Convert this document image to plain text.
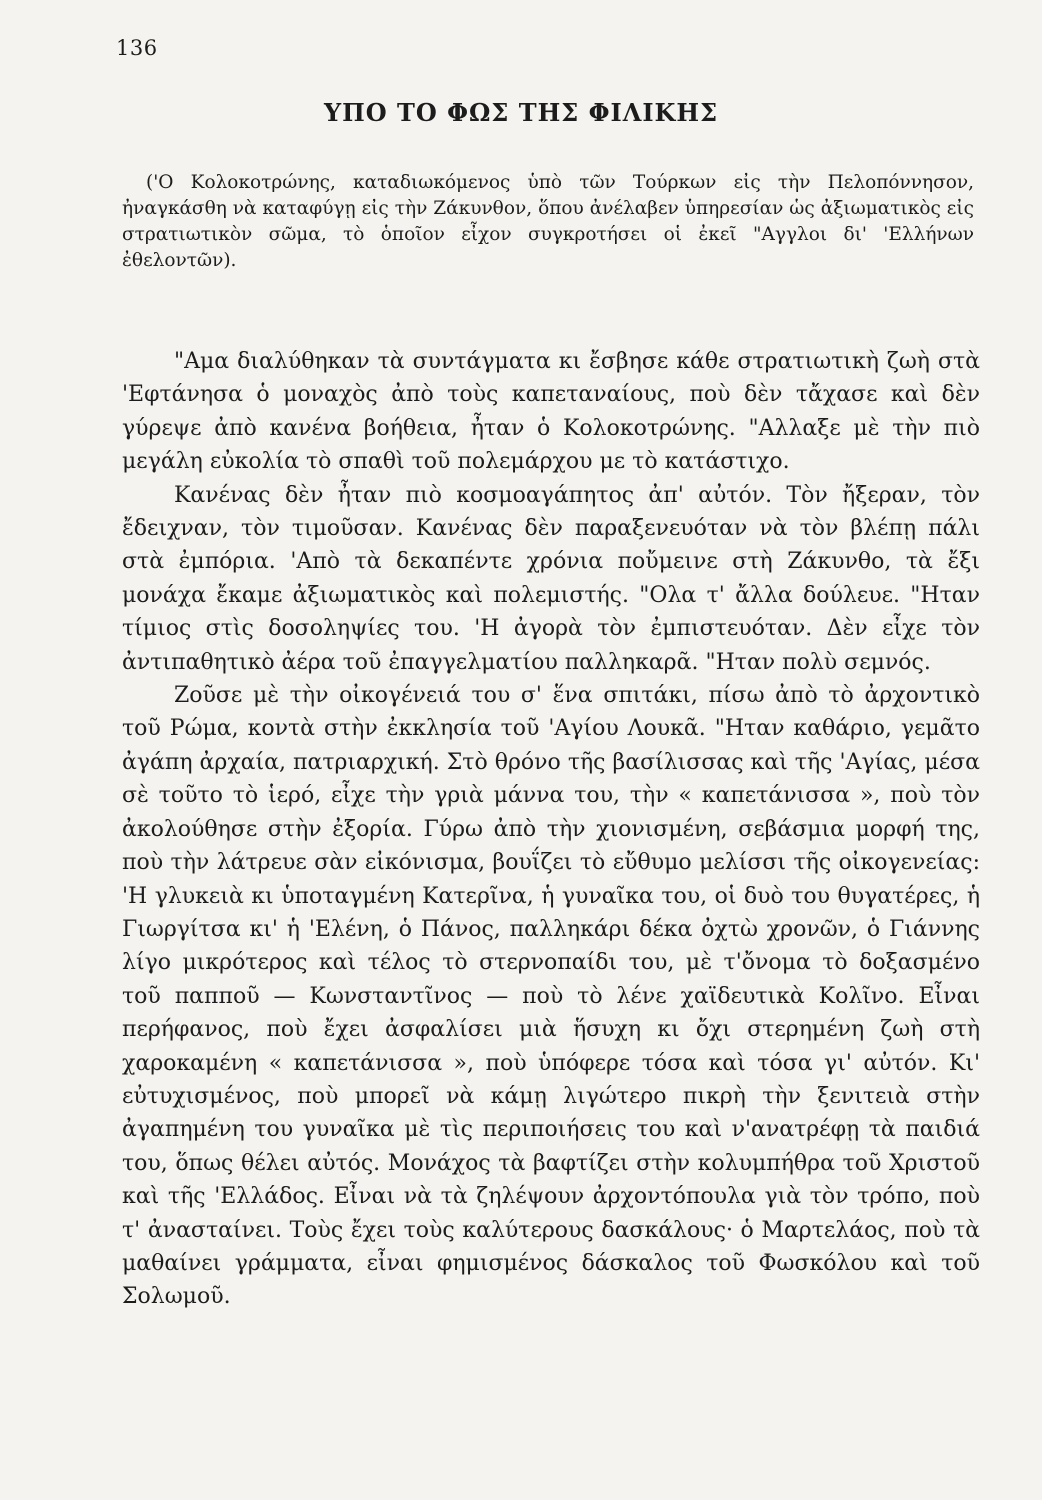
136
ΥΠΟ ΤΟ ΦΩΣ ΤΗΣ ΦΙΛΙΚΗΣ

('Ο Κολοκοτρώνης, καταδιωκόμενος ὑπὸ τῶν Τούρκων εἰς τὴν Πελοπόννησον, ἠναγκάσθη νὰ καταφύγῃ εἰς τὴν Ζάκυνθον, ὅπου ἀνέλαβεν ὑπηρεσίαν ὡς ἀξιωματικὸς εἰς στρατιωτικὸν σῶμα, τὸ ὁποῖον εἶχον συγκροτήσει οἱ ἐκεῖ "Αγγλοι δι' 'Ελλήνων ἐθελοντῶν).

"Αμα διαλύθηκαν τὰ συντάγματα κι ἔσβησε κάθε στρατιωτικὴ ζωὴ στὰ 'Εφτάνησα ὁ μοναχὸς ἀπὸ τοὺς καπεταναίους, ποὺ δὲν τἄχασε καὶ δὲν γύρεψε ἀπὸ κανένα βοήθεια, ἦταν ὁ Κολοκοτρώνης. "Αλλαξε μὲ τὴν πιὸ μεγάλη εὐκολία τὸ σπαθὶ τοῦ πολεμάρχου με τὸ κατάστιχο.

Κανένας δὲν ἦταν πιὸ κοσμοαγάπητος ἀπ' αὐτόν. Τὸν ἤξεραν, τὸν ἔδειχναν, τὸν τιμοῦσαν. Κανένας δὲν παραξενευόταν νὰ τὸν βλέπῃ πάλι στὰ ἐμπόρια. 'Απὸ τὰ δεκαπέντε χρόνια ποὔμεινε στὴ Ζάκυνθο, τὰ ἔξι μονάχα ἔκαμε ἀξιωματικὸς καὶ πολεμιστής. "Ολα τ' ἄλλα δούλευε. "Ηταν τίμιος στὶς δοσοληψίες του. 'Η ἀγορὰ τὸν ἐμπιστευόταν. Δὲν εἶχε τὸν ἀντιπαθητικὸ ἀέρα τοῦ ἐπαγγελματίου παλληκαρᾶ. "Ηταν πολὺ σεμνός.

Ζοῦσε μὲ τὴν οἰκογένειά του σ' ἕνα σπιτάκι, πίσω ἀπὸ τὸ ἀρχοντικὸ τοῦ Ρώμα, κοντὰ στὴν ἐκκλησία τοῦ 'Αγίου Λουκᾶ. "Ηταν καθάριο, γεμᾶτο ἀγάπη ἀρχαία, πατριαρχική. Στὸ θρόνο τῆς βασίλισσας καὶ τῆς 'Αγίας, μέσα σὲ τοῦτο τὸ ἱερό, εἶχε τὴν γριὰ μάννα του, τὴν « καπετάνισσα », ποὺ τὸν ἀκολούθησε στὴν ἐξορία. Γύρω ἀπὸ τὴν χιονισμένη, σεβάσμια μορφή της, ποὺ τὴν λάτρευε σὰν εἰκόνισμα, βουΐζει τὸ εὔθυμο μελίσσι τῆς οἰκογενείας: 'Η γλυκειὰ κι ὑποταγμένη Κατερῖνα, ἡ γυναῖκα του, οἱ δυὸ του θυγατέρες, ἡ Γιωργίτσα κι' ἡ 'Ελένη, ὁ Πάνος, παλληκάρι δέκα ὀχτὼ χρονῶν, ὁ Γιάννης λίγο μικρότερος καὶ τέλος τὸ στερνοπαίδι του, μὲ τ'ὄνομα τὸ δοξασμένο τοῦ παπποῦ — Κωνσταντῖνος — ποὺ τὸ λένε χαϊδευτικὰ Κολῖνο. Εἶναι περήφανος, ποὺ ἔχει ἀσφαλίσει μιὰ ἥσυχη κι ὄχι στερημένη ζωὴ στὴ χαροκαμένη « καπετάνισσα », ποὺ ὑπόφερε τόσα καὶ τόσα γι' αὐτόν. Κι' εὐτυχισμένος, ποὺ μπορεῖ νὰ κάμῃ λιγώτερο πικρὴ τὴν ξενιτειὰ στὴν ἀγαπημένη του γυναῖκα μὲ τὶς περιποιήσεις του καὶ ν'ανατρέφῃ τὰ παιδιά του, ὅπως θέλει αὐτός. Μονάχος τὰ βαφτίζει στὴν κολυμπήθρα τοῦ Χριστοῦ καὶ τῆς 'Ελλάδος. Εἶναι νὰ τὰ ζηλέψουν ἀρχοντόπουλα γιὰ τὸν τρόπο, ποὺ τ' ἀνασταίνει. Τοὺς ἔχει τοὺς καλύτερους δασκάλους· ὁ Μαρτελάος, ποὺ τὰ μαθαίνει γράμματα, εἶναι φημισμένος δάσκαλος τοῦ Φωσκόλου καὶ τοῦ Σολωμοῦ.
